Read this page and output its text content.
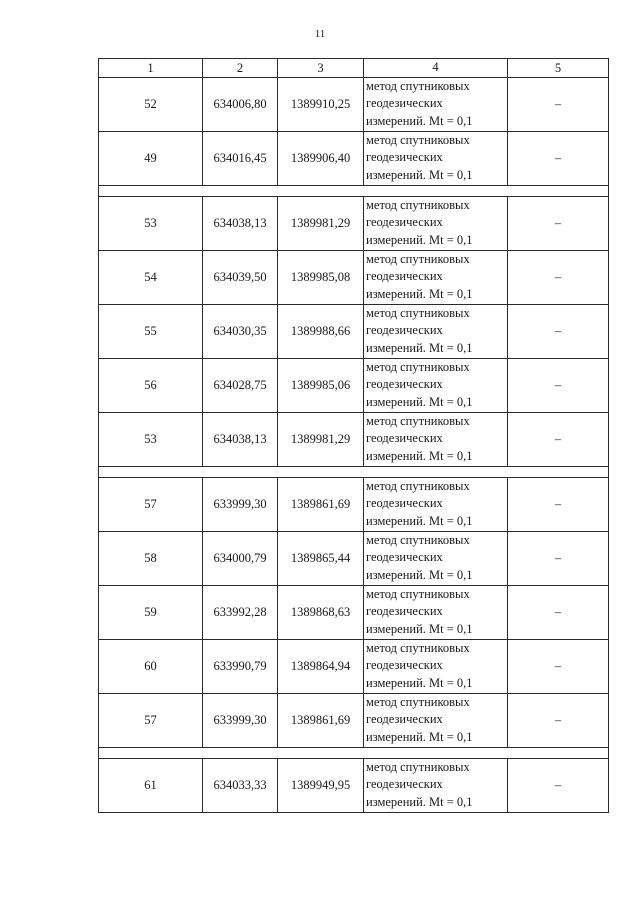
11
1	2	3	4	5
52	634006,80	1389910,25	метод спутниковых
геодезических
измерений. Mt = 0,1	–
49	634016,45	1389906,40	метод спутниковых
геодезических
измерений. Mt = 0,1	–

53	634038,13	1389981,29	метод спутниковых
геодезических
измерений. Mt = 0,1	–
54	634039,50	1389985,08	метод спутниковых
геодезических
измерений. Mt = 0,1	–
55	634030,35	1389988,66	метод спутниковых
геодезических
измерений. Mt = 0,1	–
56	634028,75	1389985,06	метод спутниковых
геодезических
измерений. Mt = 0,1	–
53	634038,13	1389981,29	метод спутниковых
геодезических
измерений. Mt = 0,1	–

57	633999,30	1389861,69	метод спутниковых
геодезических
измерений. Mt = 0,1	–
58	634000,79	1389865,44	метод спутниковых
геодезических
измерений. Mt = 0,1	–
59	633992,28	1389868,63	метод спутниковых
геодезических
измерений. Mt = 0,1	–
60	633990,79	1389864,94	метод спутниковых
геодезических
измерений. Mt = 0,1	–
57	633999,30	1389861,69	метод спутниковых
геодезических
измерений. Mt = 0,1	–

61	634033,33	1389949,95	метод спутниковых
геодезических
измерений. Mt = 0,1	–
